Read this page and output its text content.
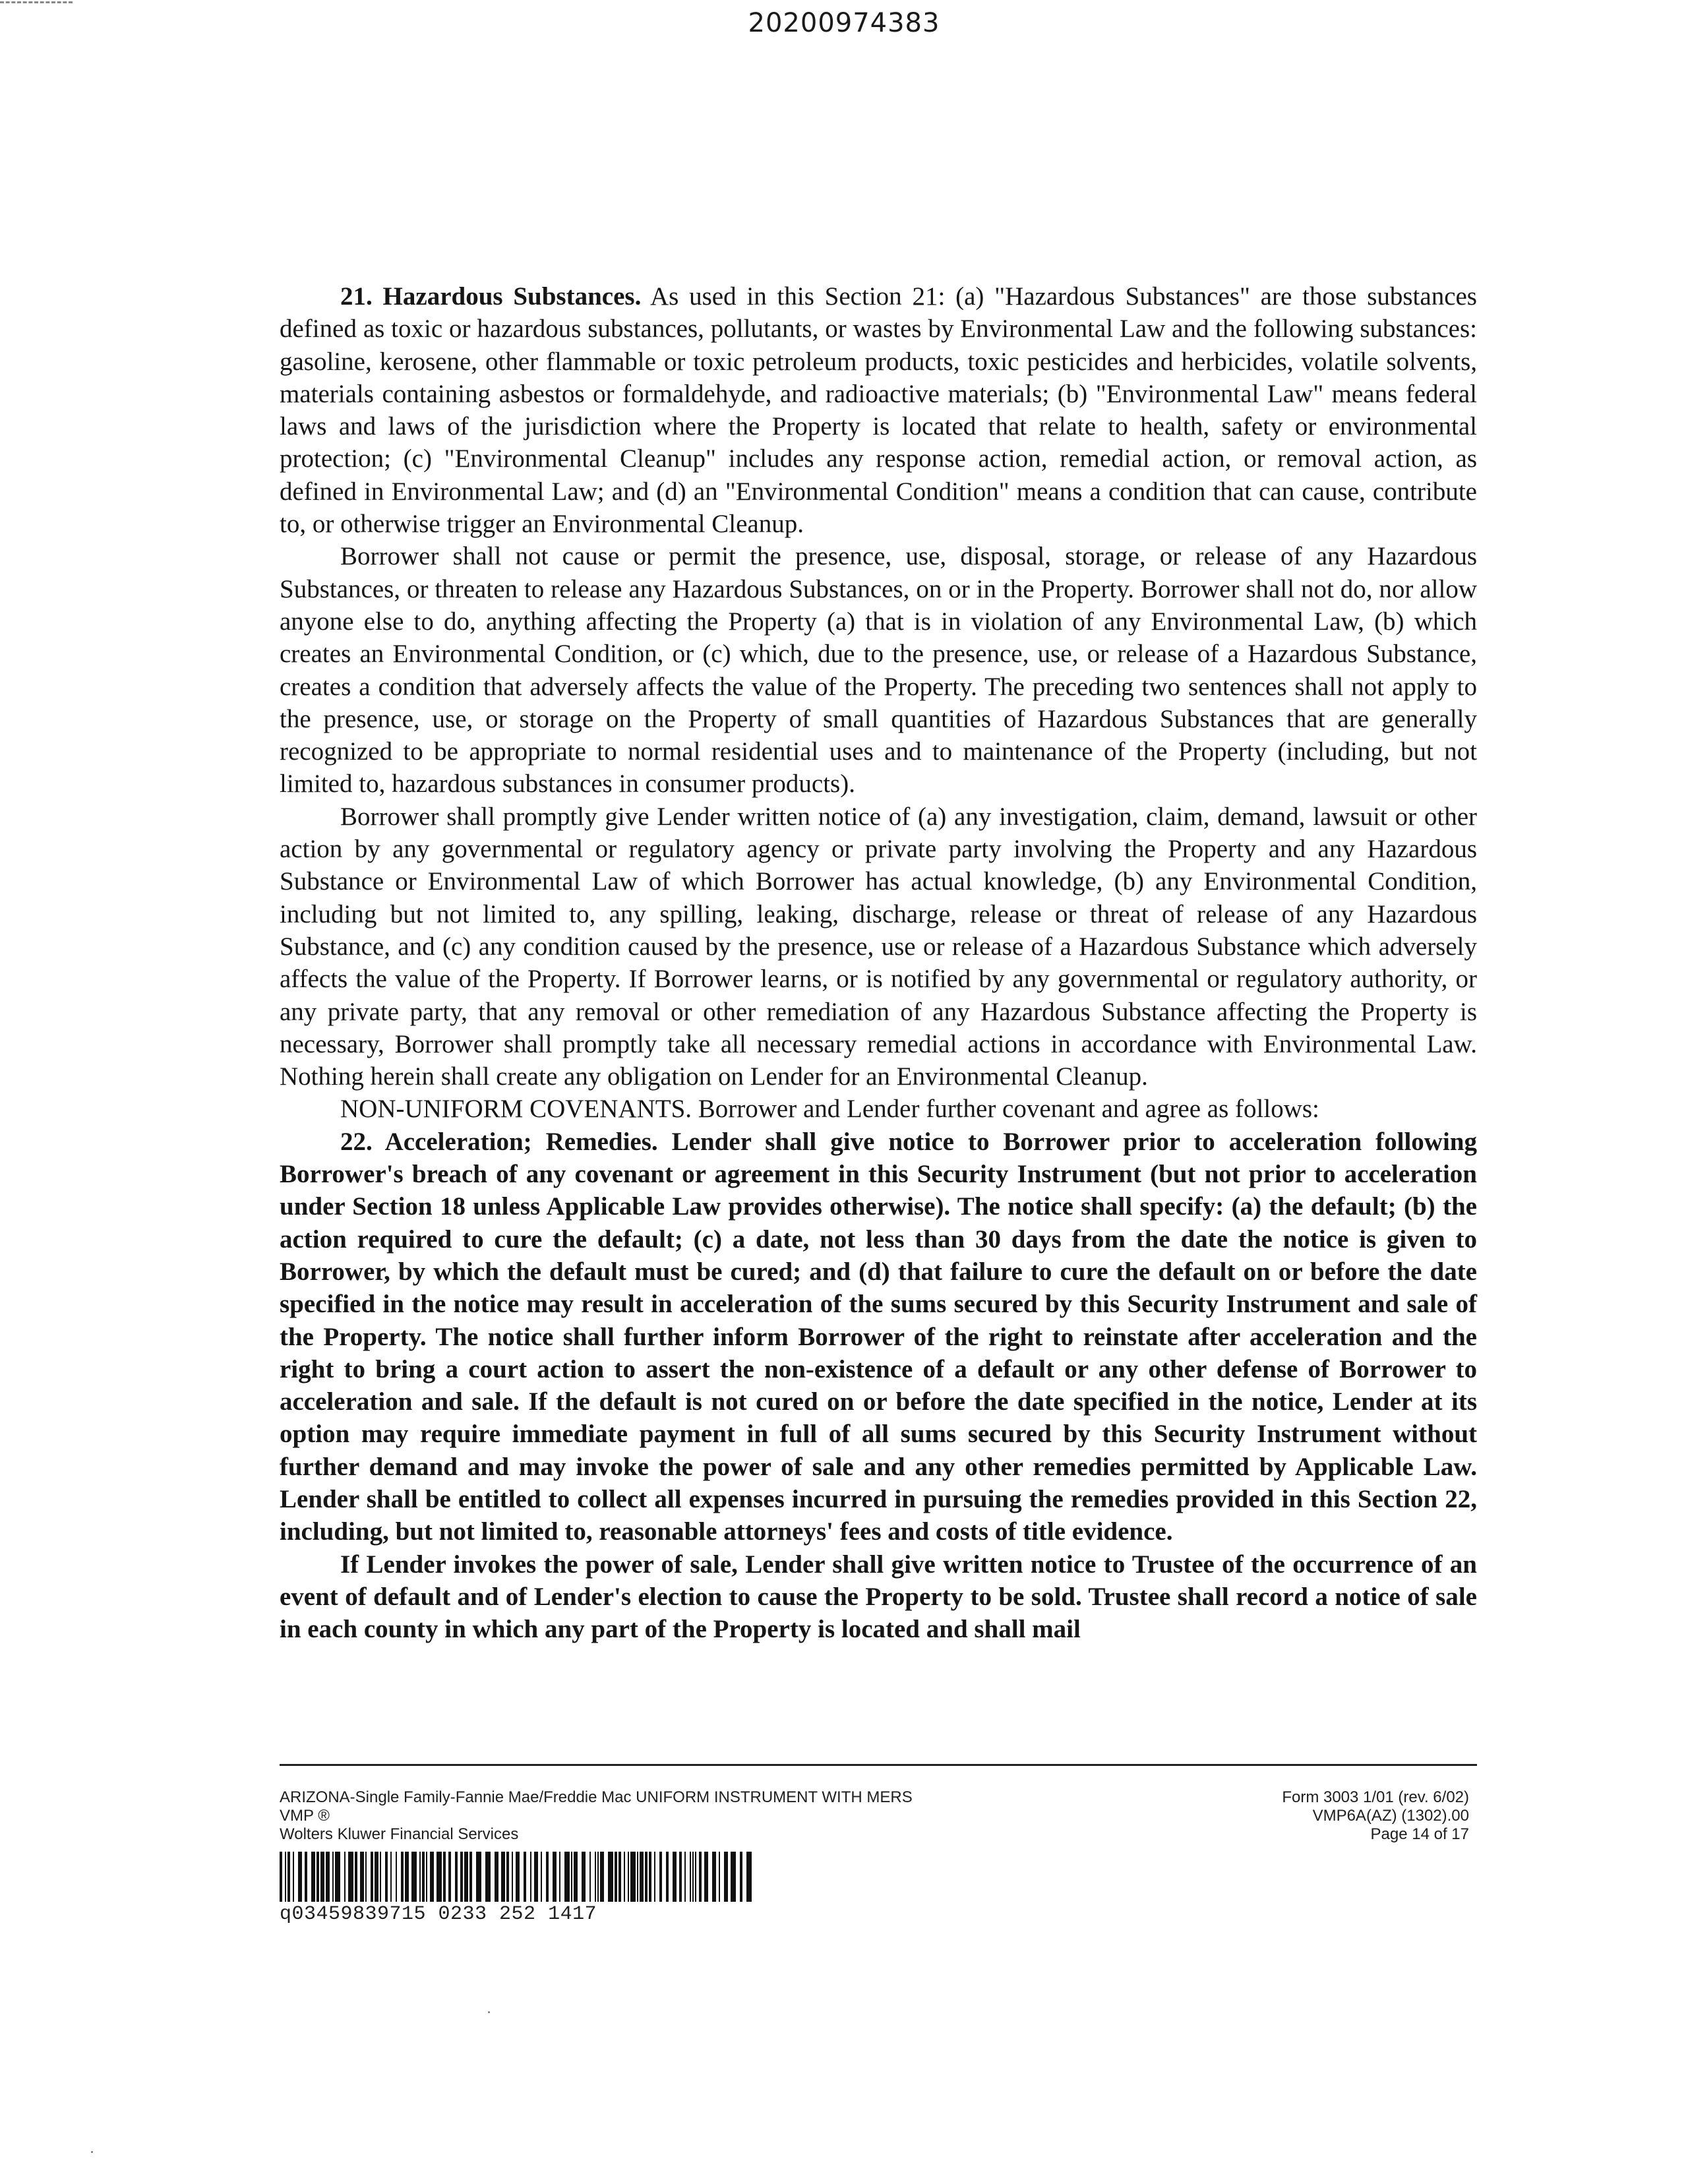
20200974383

21. Hazardous Substances. As used in this Section 21: (a) "Hazardous Substances" are those substances defined as toxic or hazardous substances, pollutants, or wastes by Environmental Law and the following substances: gasoline, kerosene, other flammable or toxic petroleum products, toxic pesticides and herbicides, volatile solvents, materials containing asbestos or formaldehyde, and radioactive materials; (b) "Environmental Law" means federal laws and laws of the jurisdiction where the Property is located that relate to health, safety or environmental protection; (c) "Environmental Cleanup" includes any response action, remedial action, or removal action, as defined in Environmental Law; and (d) an "Environmental Condition" means a condition that can cause, contribute to, or otherwise trigger an Environmental Cleanup.

Borrower shall not cause or permit the presence, use, disposal, storage, or release of any Hazardous Substances, or threaten to release any Hazardous Substances, on or in the Property. Borrower shall not do, nor allow anyone else to do, anything affecting the Property (a) that is in violation of any Environmental Law, (b) which creates an Environmental Condition, or (c) which, due to the presence, use, or release of a Hazardous Substance, creates a condition that adversely affects the value of the Property. The preceding two sentences shall not apply to the presence, use, or storage on the Property of small quantities of Hazardous Substances that are generally recognized to be appropriate to normal residential uses and to maintenance of the Property (including, but not limited to, hazardous substances in consumer products).

Borrower shall promptly give Lender written notice of (a) any investigation, claim, demand, lawsuit or other action by any governmental or regulatory agency or private party involving the Property and any Hazardous Substance or Environmental Law of which Borrower has actual knowledge, (b) any Environmental Condition, including but not limited to, any spilling, leaking, discharge, release or threat of release of any Hazardous Substance, and (c) any condition caused by the presence, use or release of a Hazardous Substance which adversely affects the value of the Property. If Borrower learns, or is notified by any governmental or regulatory authority, or any private party, that any removal or other remediation of any Hazardous Substance affecting the Property is necessary, Borrower shall promptly take all necessary remedial actions in accordance with Environmental Law. Nothing herein shall create any obligation on Lender for an Environmental Cleanup.

NON-UNIFORM COVENANTS. Borrower and Lender further covenant and agree as follows:

22. Acceleration; Remedies. Lender shall give notice to Borrower prior to acceleration following Borrower's breach of any covenant or agreement in this Security Instrument (but not prior to acceleration under Section 18 unless Applicable Law provides otherwise). The notice shall specify: (a) the default; (b) the action required to cure the default; (c) a date, not less than 30 days from the date the notice is given to Borrower, by which the default must be cured; and (d) that failure to cure the default on or before the date specified in the notice may result in acceleration of the sums secured by this Security Instrument and sale of the Property. The notice shall further inform Borrower of the right to reinstate after acceleration and the right to bring a court action to assert the non-existence of a default or any other defense of Borrower to acceleration and sale. If the default is not cured on or before the date specified in the notice, Lender at its option may require immediate payment in full of all sums secured by this Security Instrument without further demand and may invoke the power of sale and any other remedies permitted by Applicable Law. Lender shall be entitled to collect all expenses incurred in pursuing the remedies provided in this Section 22, including, but not limited to, reasonable attorneys' fees and costs of title evidence.

If Lender invokes the power of sale, Lender shall give written notice to Trustee of the occurrence of an event of default and of Lender's election to cause the Property to be sold. Trustee shall record a notice of sale in each county in which any part of the Property is located and shall mail

ARIZONA-Single Family-Fannie Mae/Freddie Mac UNIFORM INSTRUMENT WITH MERS
VMP ®
Wolters Kluwer Financial Services
Form 3003 1/01 (rev. 6/02)
VMP6A(AZ) (1302).00
Page 14 of 17
q03459839715 0233 252 1417
